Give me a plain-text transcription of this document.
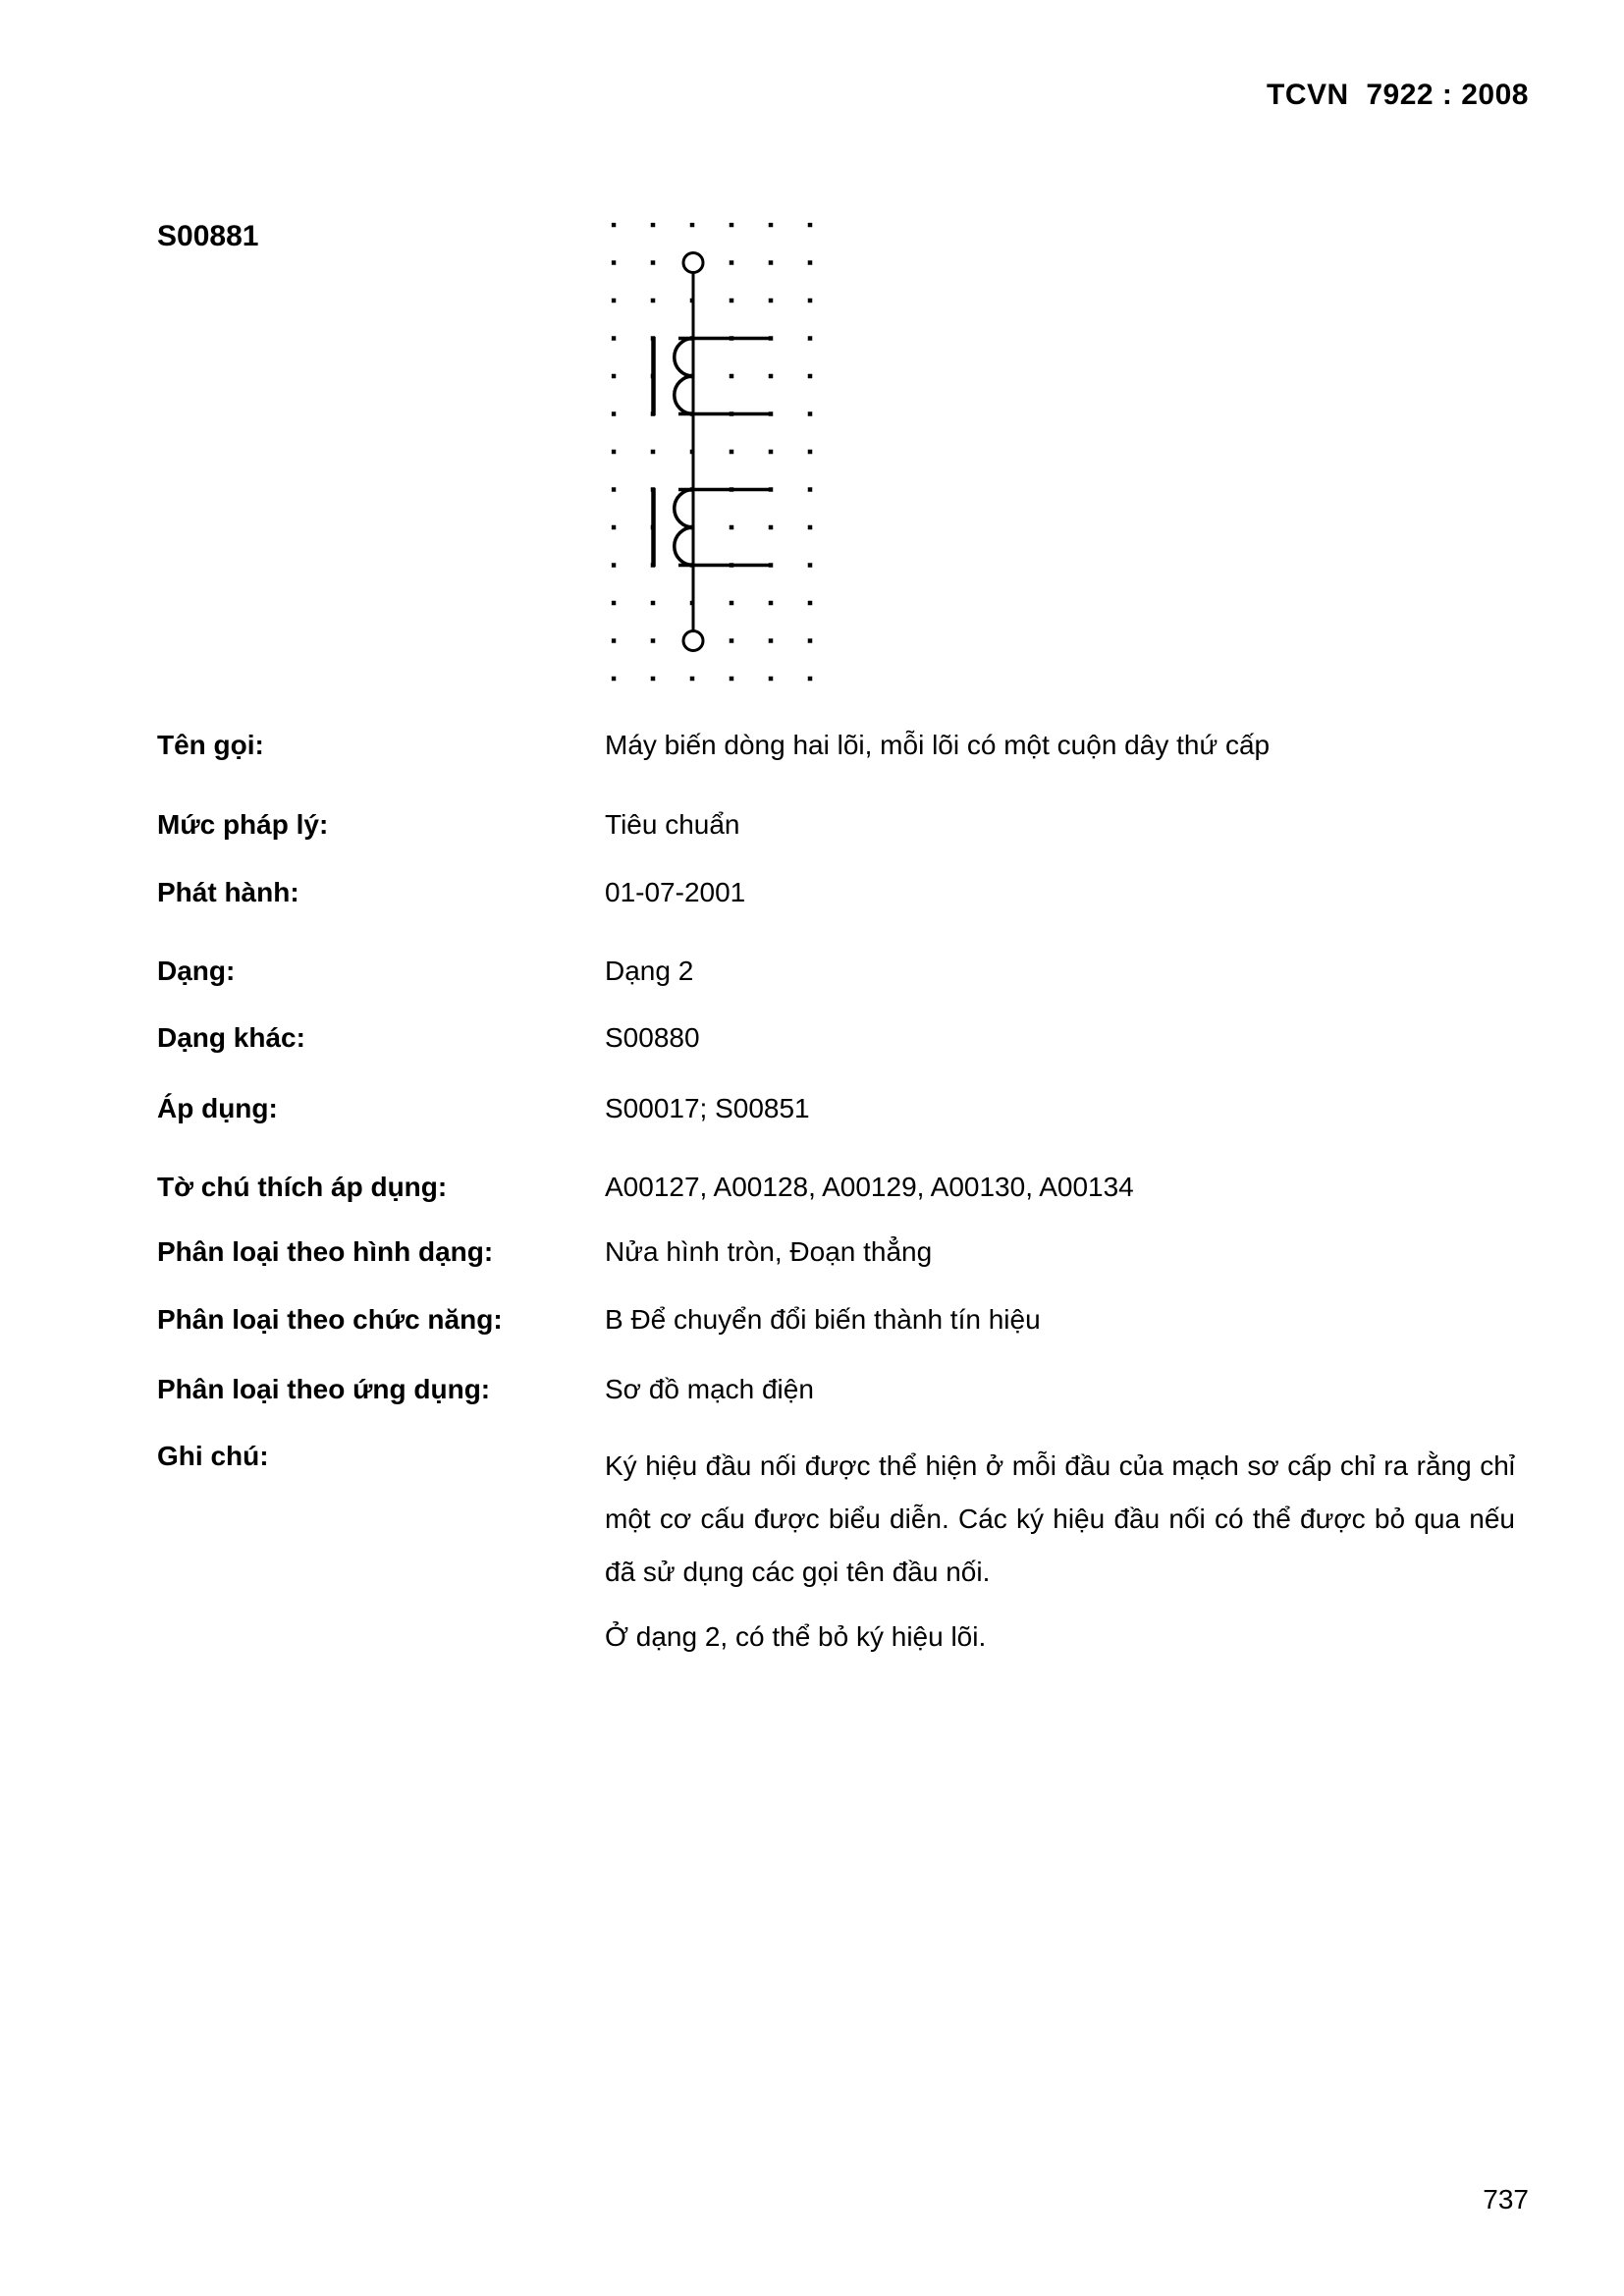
TCVN  7922 : 2008
S00881
Tên gọi:	Máy biến dòng hai lõi, mỗi lõi có một cuộn dây thứ cấp
Mức pháp lý:	Tiêu chuẩn
Phát hành:	01-07-2001
Dạng:	Dạng 2
Dạng khác:	S00880
Áp dụng:	S00017; S00851
Tờ chú thích áp dụng:	A00127, A00128, A00129, A00130, A00134
Phân loại theo hình dạng:	Nửa hình tròn, Đoạn thẳng
Phân loại theo chức năng:	B Để chuyển đổi biến thành tín hiệu
Phân loại theo ứng dụng:	Sơ đồ mạch điện
Ghi chú:	Ký hiệu đầu nối được thể hiện ở mỗi đầu của mạch sơ cấp chỉ ra rằng chỉ một cơ cấu được biểu diễn. Các ký hiệu đầu nối có thể được bỏ qua nếu đã sử dụng các gọi tên đầu nối.

Ở dạng 2, có thể bỏ ký hiệu lõi.

737
